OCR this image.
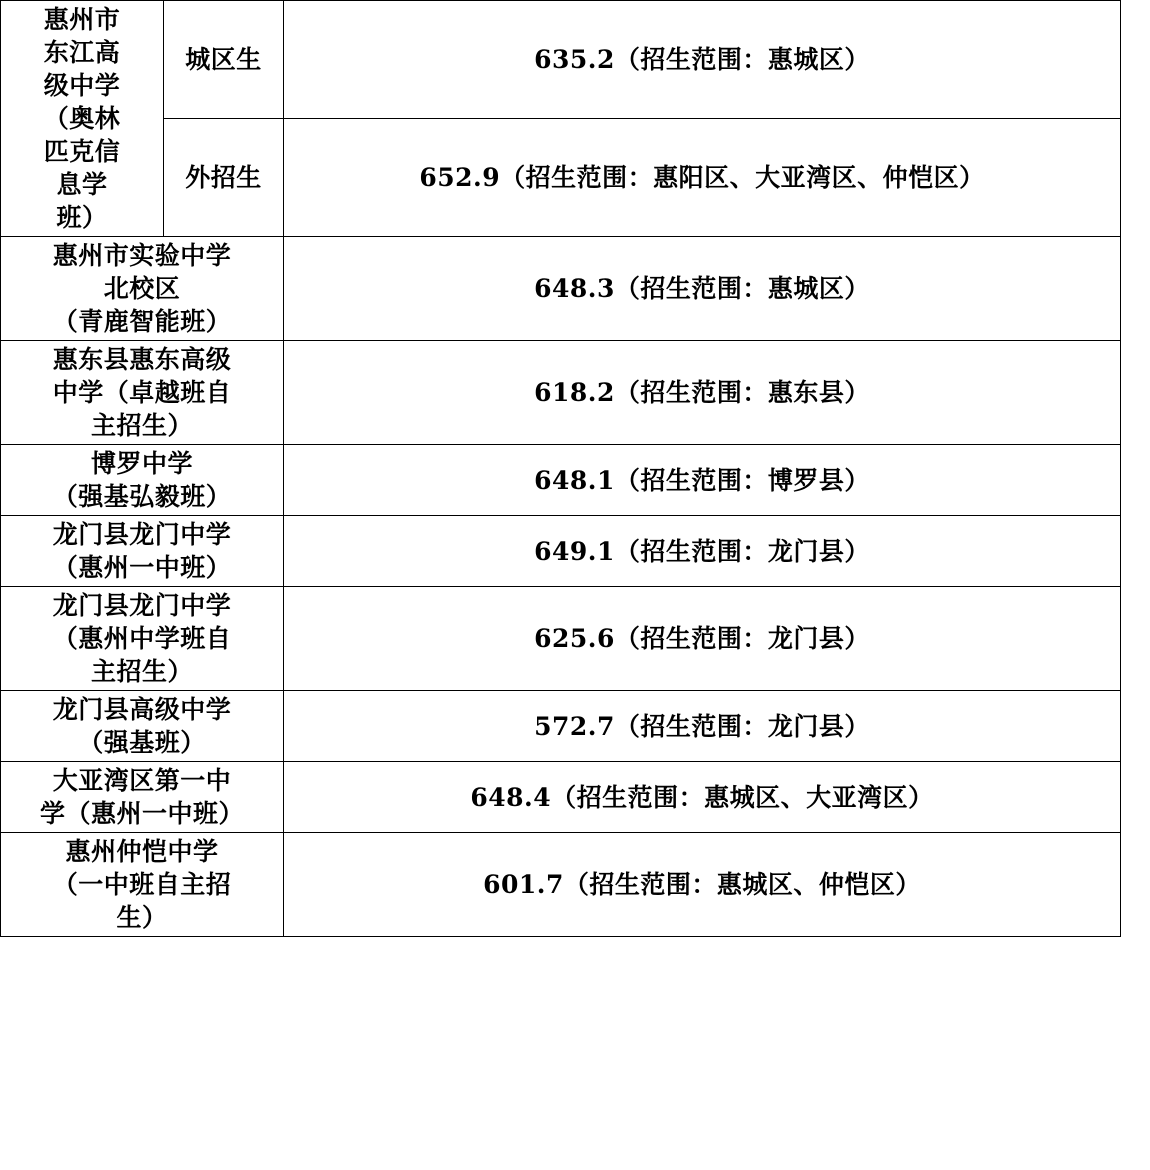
惠州市
东江高
级中学
（奥林
匹克信
息学
班）
	城区生	635.2（招生范围：惠城区）
	外招生	652.9（招生范围：惠阳区、大亚湾区、仲恺区）

惠州市实验中学
北校区
（青鹿智能班）		648.3（招生范围：惠城区）

惠东县惠东高级
中学（卓越班自
主招生）		618.2（招生范围：惠东县）

博罗中学
（强基弘毅班）		648.1（招生范围：博罗县）

龙门县龙门中学
（惠州一中班）		649.1（招生范围：龙门县）

龙门县龙门中学
（惠州中学班自
主招生）		625.6（招生范围：龙门县）

龙门县高级中学
（强基班）		572.7（招生范围：龙门县）

大亚湾区第一中
学（惠州一中班）		648.4（招生范围：惠城区、大亚湾区）

惠州仲恺中学
（一中班自主招
生）		601.7（招生范围：惠城区、仲恺区）
